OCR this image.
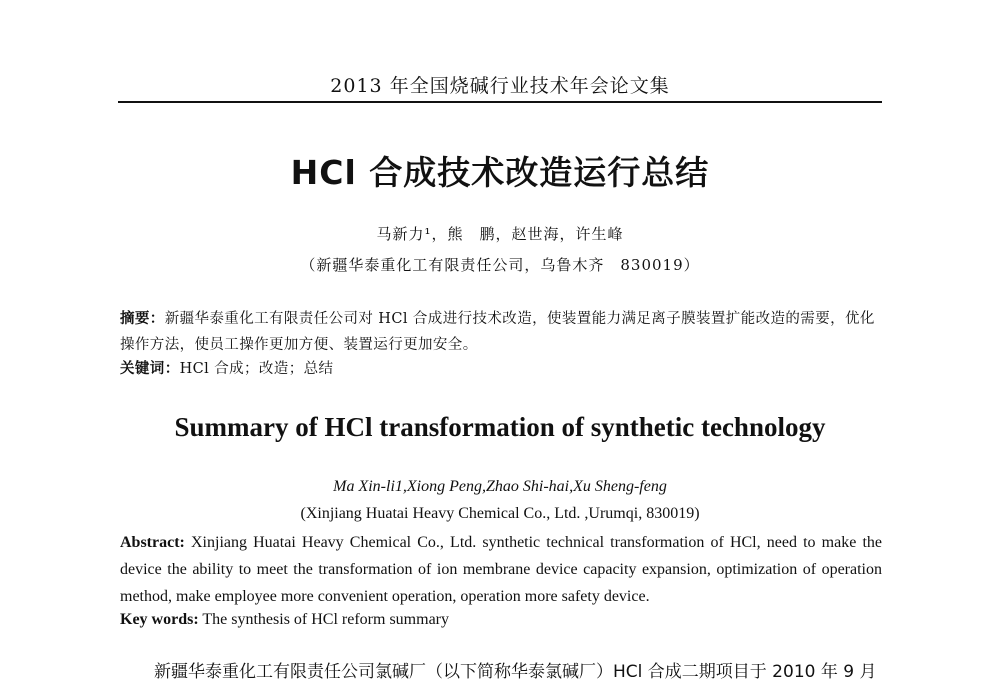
2013 年全国烧碱行业技术年会论文集
HCl 合成技术改造运行总结
马新力¹，熊　鹏，赵世海，许生峰
（新疆华泰重化工有限责任公司，乌鲁木齐　830019）
摘要：新疆华泰重化工有限责任公司对 HCl 合成进行技术改造，使装置能力满足离子膜装置扩能改造的需要，优化操作方法，使员工操作更加方便、装置运行更加安全。
关键词：HCl 合成；改造；总结
Summary of HCl transformation of synthetic technology
Ma Xin-li1,Xiong Peng,Zhao Shi-hai,Xu Sheng-feng
(Xinjiang Huatai Heavy Chemical Co., Ltd. ,Urumqi, 830019)
Abstract: Xinjiang Huatai Heavy Chemical Co., Ltd. synthetic technical transformation of HCl, need to make the device the ability to meet the transformation of ion membrane device capacity expansion, optimization of operation method, make employee more convenient operation, operation more safety device.
Key words: The synthesis of HCl reform summary
新疆华泰重化工有限责任公司氯碱厂（以下简称华泰氯碱厂）HCl 合成二期项目于 2010 年 9 月
